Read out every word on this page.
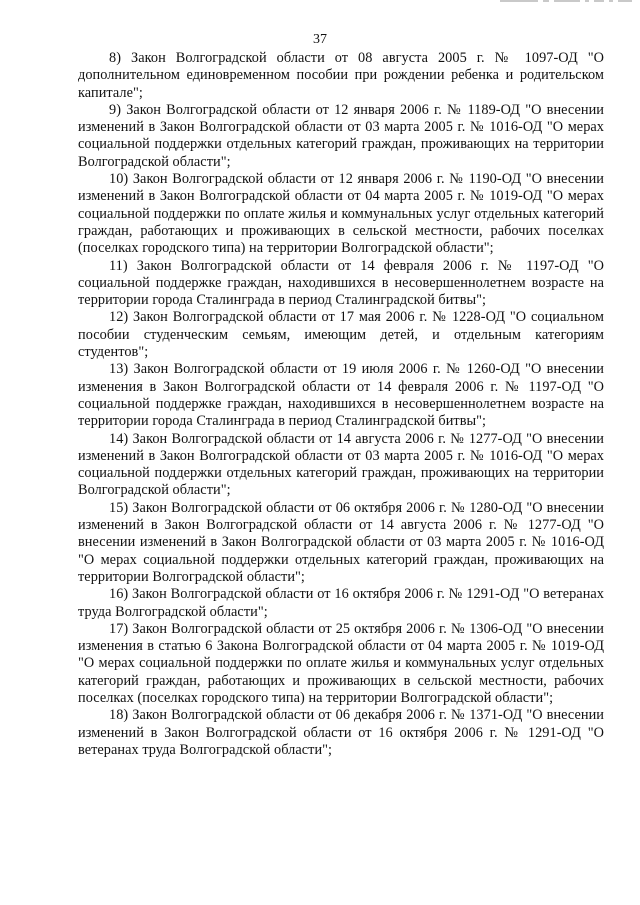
37

8) Закон Волгоградской области от 08 августа 2005 г. № 1097-ОД "О дополнительном единовременном пособии при рождении ребенка и родительском капитале";

9) Закон Волгоградской области от 12 января 2006 г. № 1189-ОД "О внесении изменений в Закон Волгоградской области от 03 марта 2005 г. № 1016-ОД "О мерах социальной поддержки отдельных категорий граждан, проживающих на территории Волгоградской области";

10) Закон Волгоградской области от 12 января 2006 г. № 1190-ОД "О внесении изменений в Закон Волгоградской области от 04 марта 2005 г. № 1019-ОД "О мерах социальной поддержки по оплате жилья и коммунальных услуг отдельных категорий граждан, работающих и проживающих в сельской местности, рабочих поселках (поселках городского типа) на территории Волгоградской области";

11) Закон Волгоградской области от 14 февраля 2006 г. № 1197-ОД "О социальной поддержке граждан, находившихся в несовершеннолетнем возрасте на территории города Сталинграда в период Сталинградской битвы";

12) Закон Волгоградской области от 17 мая 2006 г. № 1228-ОД "О социальном пособии студенческим семьям, имеющим детей, и отдельным категориям студентов";

13) Закон Волгоградской области от 19 июля 2006 г. № 1260-ОД "О внесении изменения в Закон Волгоградской области от 14 февраля 2006 г. № 1197-ОД "О социальной поддержке граждан, находившихся в несовершеннолетнем возрасте на территории города Сталинграда в период Сталинградской битвы";

14) Закон Волгоградской области от 14 августа 2006 г. № 1277-ОД "О внесении изменений в Закон Волгоградской области от 03 марта 2005 г. № 1016-ОД "О мерах социальной поддержки отдельных категорий граждан, проживающих на территории Волгоградской области";

15) Закон Волгоградской области от 06 октября 2006 г. № 1280-ОД "О внесении изменений в Закон Волгоградской области от 14 августа 2006 г. № 1277-ОД "О внесении изменений в Закон Волгоградской области от 03 марта 2005 г. № 1016-ОД "О мерах социальной поддержки отдельных категорий граждан, проживающих на территории Волгоградской области";

16) Закон Волгоградской области от 16 октября 2006 г. № 1291-ОД "О ветеранах труда Волгоградской области";

17) Закон Волгоградской области от 25 октября 2006 г. № 1306-ОД "О внесении изменения в статью 6 Закона Волгоградской области от 04 марта 2005 г. № 1019-ОД "О мерах социальной поддержки по оплате жилья и коммунальных услуг отдельных категорий граждан, работающих и проживающих в сельской местности, рабочих поселках (поселках городского типа) на территории Волгоградской области";

18) Закон Волгоградской области от 06 декабря 2006 г. № 1371-ОД "О внесении изменений в Закон Волгоградской области от 16 октября 2006 г. № 1291-ОД "О ветеранах труда Волгоградской области";
